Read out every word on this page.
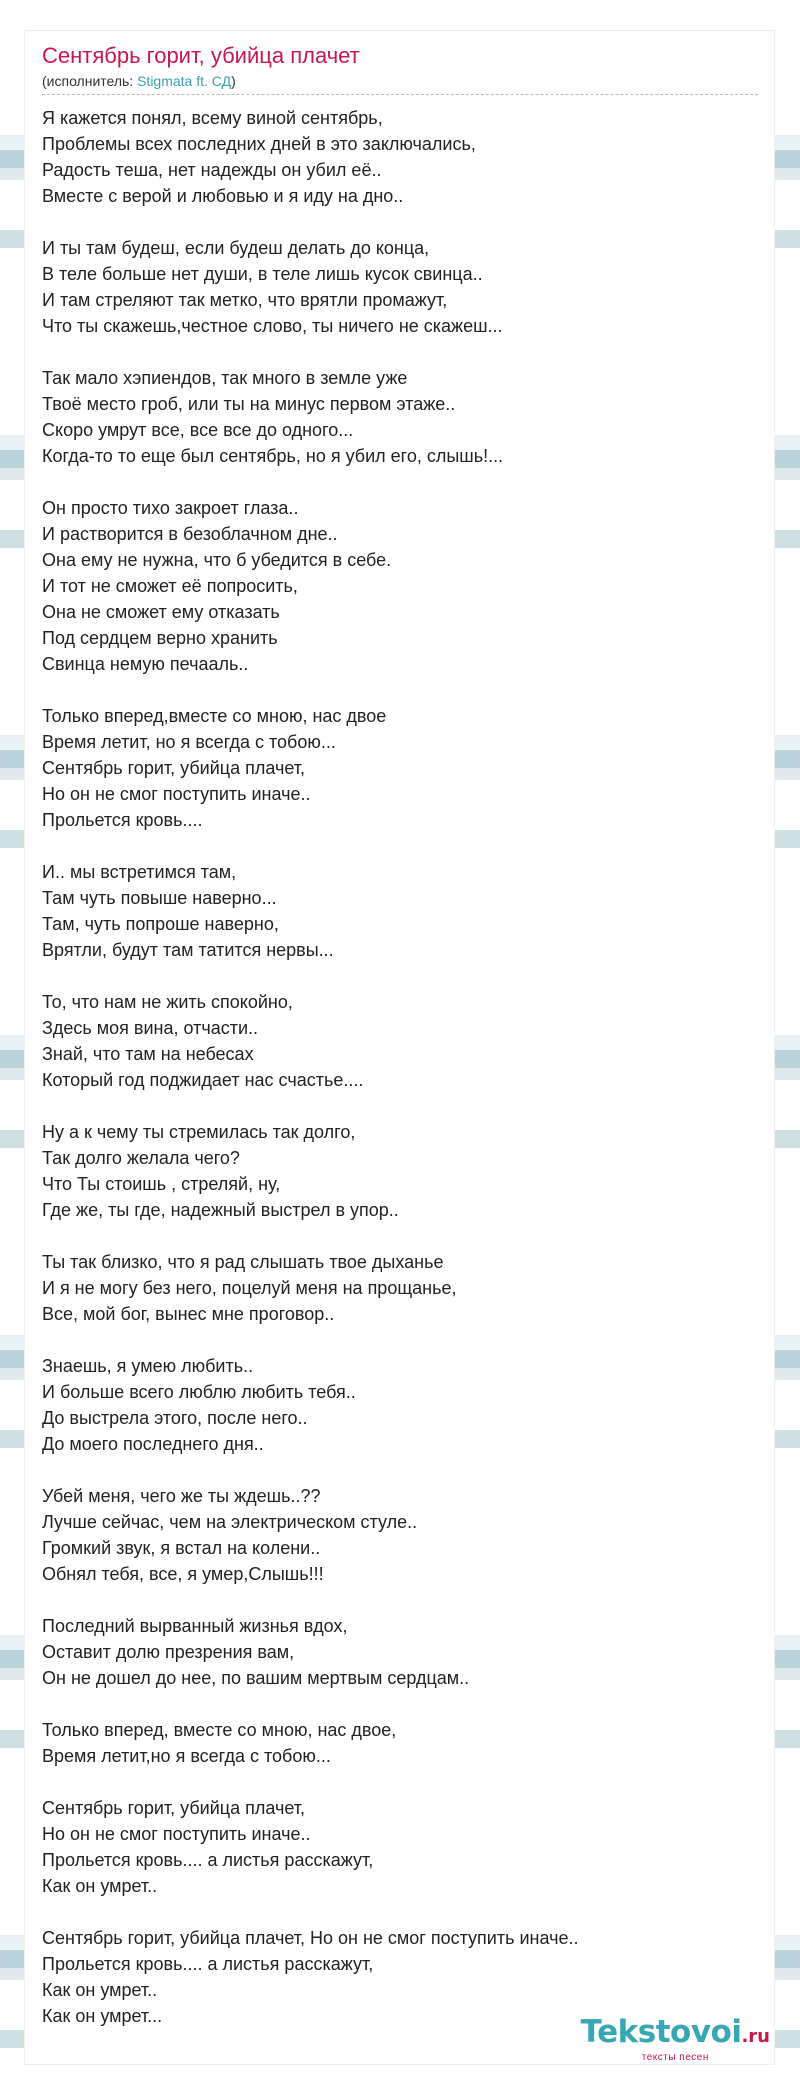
Сентябрь горит, убийца плачет
(исполнитель: Stigmata ft. СД)
Я кажется понял, всему виной сентябрь,
Проблемы всех последних дней в это заключались,
Радость теша, нет надежды он убил её..
Вместе с верой и любовью и я иду на дно..
И ты там будеш, если будеш делать до конца,
В теле больше нет души, в теле лишь кусок свинца..
И там стреляют так метко, что врятли промажут,
Что ты скажешь,честное слово, ты ничего не скажеш...
Так мало хэпиендов, так много в земле уже
Твоё место гроб, или ты на минус первом этаже..
Скоро умрут все, все все до одного...
Когда-то то еще был сентябрь, но я убил его, слышь!...
Он просто тихо закроет глаза..
И растворится в безоблачном дне..
Она ему не нужна, что б убедится в себе.
И тот не сможет её попросить,
Она не сможет ему отказать
Под сердцем верно хранить
Свинца немую печааль..
Только вперед,вместе со мною, нас двое
Время летит, но я всегда с тобою...
Сентябрь горит, убийца плачет,
Но он не смог поступить иначе..
Прольется кровь....
И.. мы встретимся там,
Там чуть повыше наверно...
Там, чуть попроше наверно,
Врятли, будут там татится нервы...
То, что нам не жить спокойно,
Здесь моя вина, отчасти..
Знай, что там на небесах
Который год поджидает нас счастье....
Ну а к чему ты стремилась так долго,
Так долго желала чего?
Что Ты стоишь , стреляй, ну,
Где же, ты где, надежный выстрел в упор..
Ты так близко, что я рад слышать твое дыханье
И я не могу без него, поцелуй меня на прощанье,
Все, мой бог, вынес мне проговор..
Знаешь, я умею любить..
И больше всего люблю любить тебя..
До выстрела этого, после него..
До моего последнего дня..
Убей меня, чего же ты ждешь..??
Лучше сейчас, чем на электрическом стуле..
Громкий звук, я встал на колени..
Обнял тебя, все, я умер,Слышь!!!
Последний вырванный жизнья вдох,
Оставит долю презрения вам,
Он не дошел до нее, по вашим мертвым сердцам..
Только вперед, вместе со мною, нас двое,
Время летит,но я всегда с тобою...
Сентябрь горит, убийца плачет,
Но он не смог поступить иначе..
Прольется кровь.... а листья расскажут,
Как он умрет..
Сентябрь горит, убийца плачет, Но он не смог поступить иначе..
Прольется кровь.... а листья расскажут,
Как он умрет..
Как он умрет...	Tekstovoi.ru
тексты песен
